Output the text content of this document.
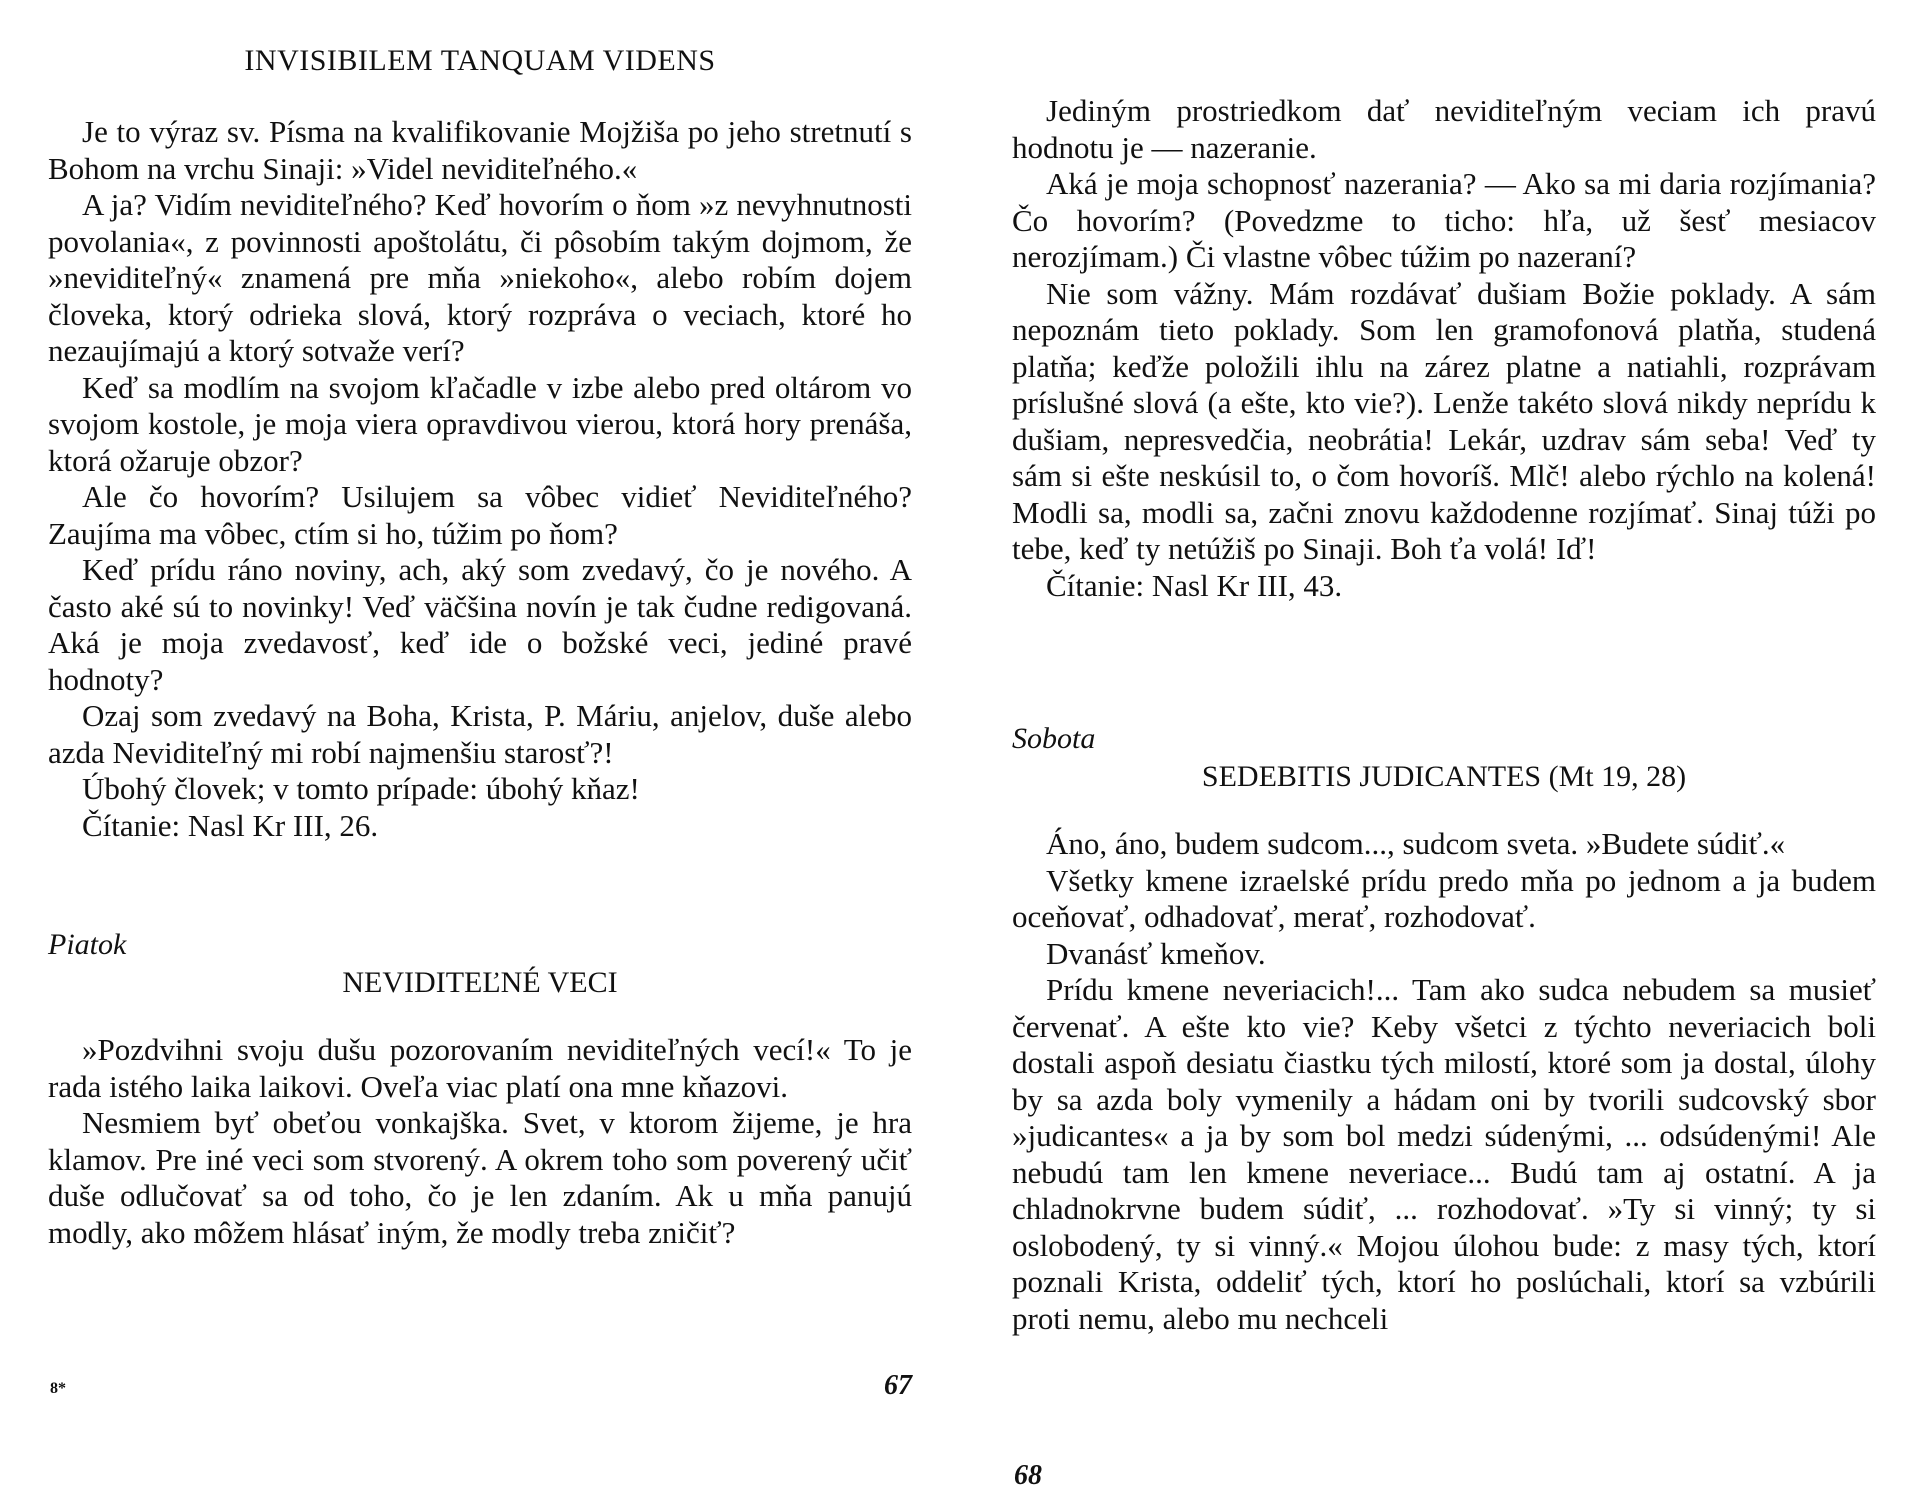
INVISIBILEM TANQUAM VIDENS

Je to výraz sv. Písma na kvalifikovanie Mojžiša po jeho stretnutí s Bohom na vrchu Sinaji: »Videl neviditeľného.«

A ja? Vidím neviditeľného? Keď hovorím o ňom »z nevyhnutnosti povolania«, z povinnosti apoštolátu, či pôsobím takým dojmom, že »neviditeľný« znamená pre mňa »niekoho«, alebo robím dojem človeka, ktorý odrieka slová, ktorý rozpráva o veciach, ktoré ho nezaujímajú a ktorý sotvaže verí?

Keď sa modlím na svojom kľačadle v izbe alebo pred oltárom vo svojom kostole, je moja viera opravdivou vierou, ktorá hory prenáša, ktorá ožaruje obzor?

Ale čo hovorím? Usilujem sa vôbec vidieť Neviditeľného? Zaujíma ma vôbec, ctím si ho, túžim po ňom?

Keď prídu ráno noviny, ach, aký som zvedavý, čo je nového. A často aké sú to novinky! Veď väčšina novín je tak čudne redigovaná. Aká je moja zvedavosť, keď ide o božské veci, jediné pravé hodnoty?

Ozaj som zvedavý na Boha, Krista, P. Máriu, anjelov, duše alebo azda Neviditeľný mi robí najmenšiu starosť?!

Úbohý človek; v tomto prípade: úbohý kňaz!

Čítanie: Nasl Kr III, 26.

Piatok
NEVIDITEĽNÉ VECI

»Pozdvihni svoju dušu pozorovaním neviditeľných vecí!« To je rada istého laika laikovi. Oveľa viac platí ona mne kňazovi.

Nesmiem byť obeťou vonkajška. Svet, v ktorom žijeme, je hra klamov. Pre iné veci som stvorený. A okrem toho som poverený učiť duše odlučovať sa od toho, čo je len zdaním. Ak u mňa panujú modly, ako môžem hlásať iným, že modly treba zničiť?

8*	67

Jediným prostriedkom dať neviditeľným veciam ich pravú hodnotu je — nazeranie.

Aká je moja schopnosť nazerania? — Ako sa mi daria rozjímania? Čo hovorím? (Povedzme to ticho: hľa, už šesť mesiacov nerozjímam.) Či vlastne vôbec túžim po nazeraní?

Nie som vážny. Mám rozdávať dušiam Božie poklady. A sám nepoznám tieto poklady. Som len gramofonová platňa, studená platňa; keďže položili ihlu na zárez platne a natiahli, rozprávam príslušné slová (a ešte, kto vie?). Lenže takéto slová nikdy neprídu k dušiam, nepresvedčia, neobrátia! Lekár, uzdrav sám seba! Veď ty sám si ešte neskúsil to, o čom hovoríš. Mlč! alebo rýchlo na kolená! Modli sa, modli sa, začni znovu každodenne rozjímať. Sinaj túži po tebe, keď ty netúžiš po Sinaji. Boh ťa volá! Iď!

Čítanie: Nasl Kr III, 43.

Sobota
SEDEBITIS JUDICANTES (Mt 19, 28)

Áno, áno, budem sudcom..., sudcom sveta. »Budete súdiť.«

Všetky kmene izraelské prídu predo mňa po jednom a ja budem oceňovať, odhadovať, merať, rozhodovať.

Dvanásť kmeňov.

Prídu kmene neveriacich!... Tam ako sudca nebudem sa musieť červenať. A ešte kto vie? Keby všetci z týchto neveriacich boli dostali aspoň desiatu čiastku tých milostí, ktoré som ja dostal, úlohy by sa azda boly vymenily a hádam oni by tvorili sudcovský sbor »judicantes« a ja by som bol medzi súdenými, ... odsúdenými! Ale nebudú tam len kmene neveriace... Budú tam aj ostatní. A ja chladnokrvne budem súdiť, ... rozhodovať. »Ty si vinný; ty si oslobodený, ty si vinný.« Mojou úlohou bude: z masy tých, ktorí poznali Krista, oddeliť tých, ktorí ho poslúchali, ktorí sa vzbúrili proti nemu, alebo mu nechceli

68
